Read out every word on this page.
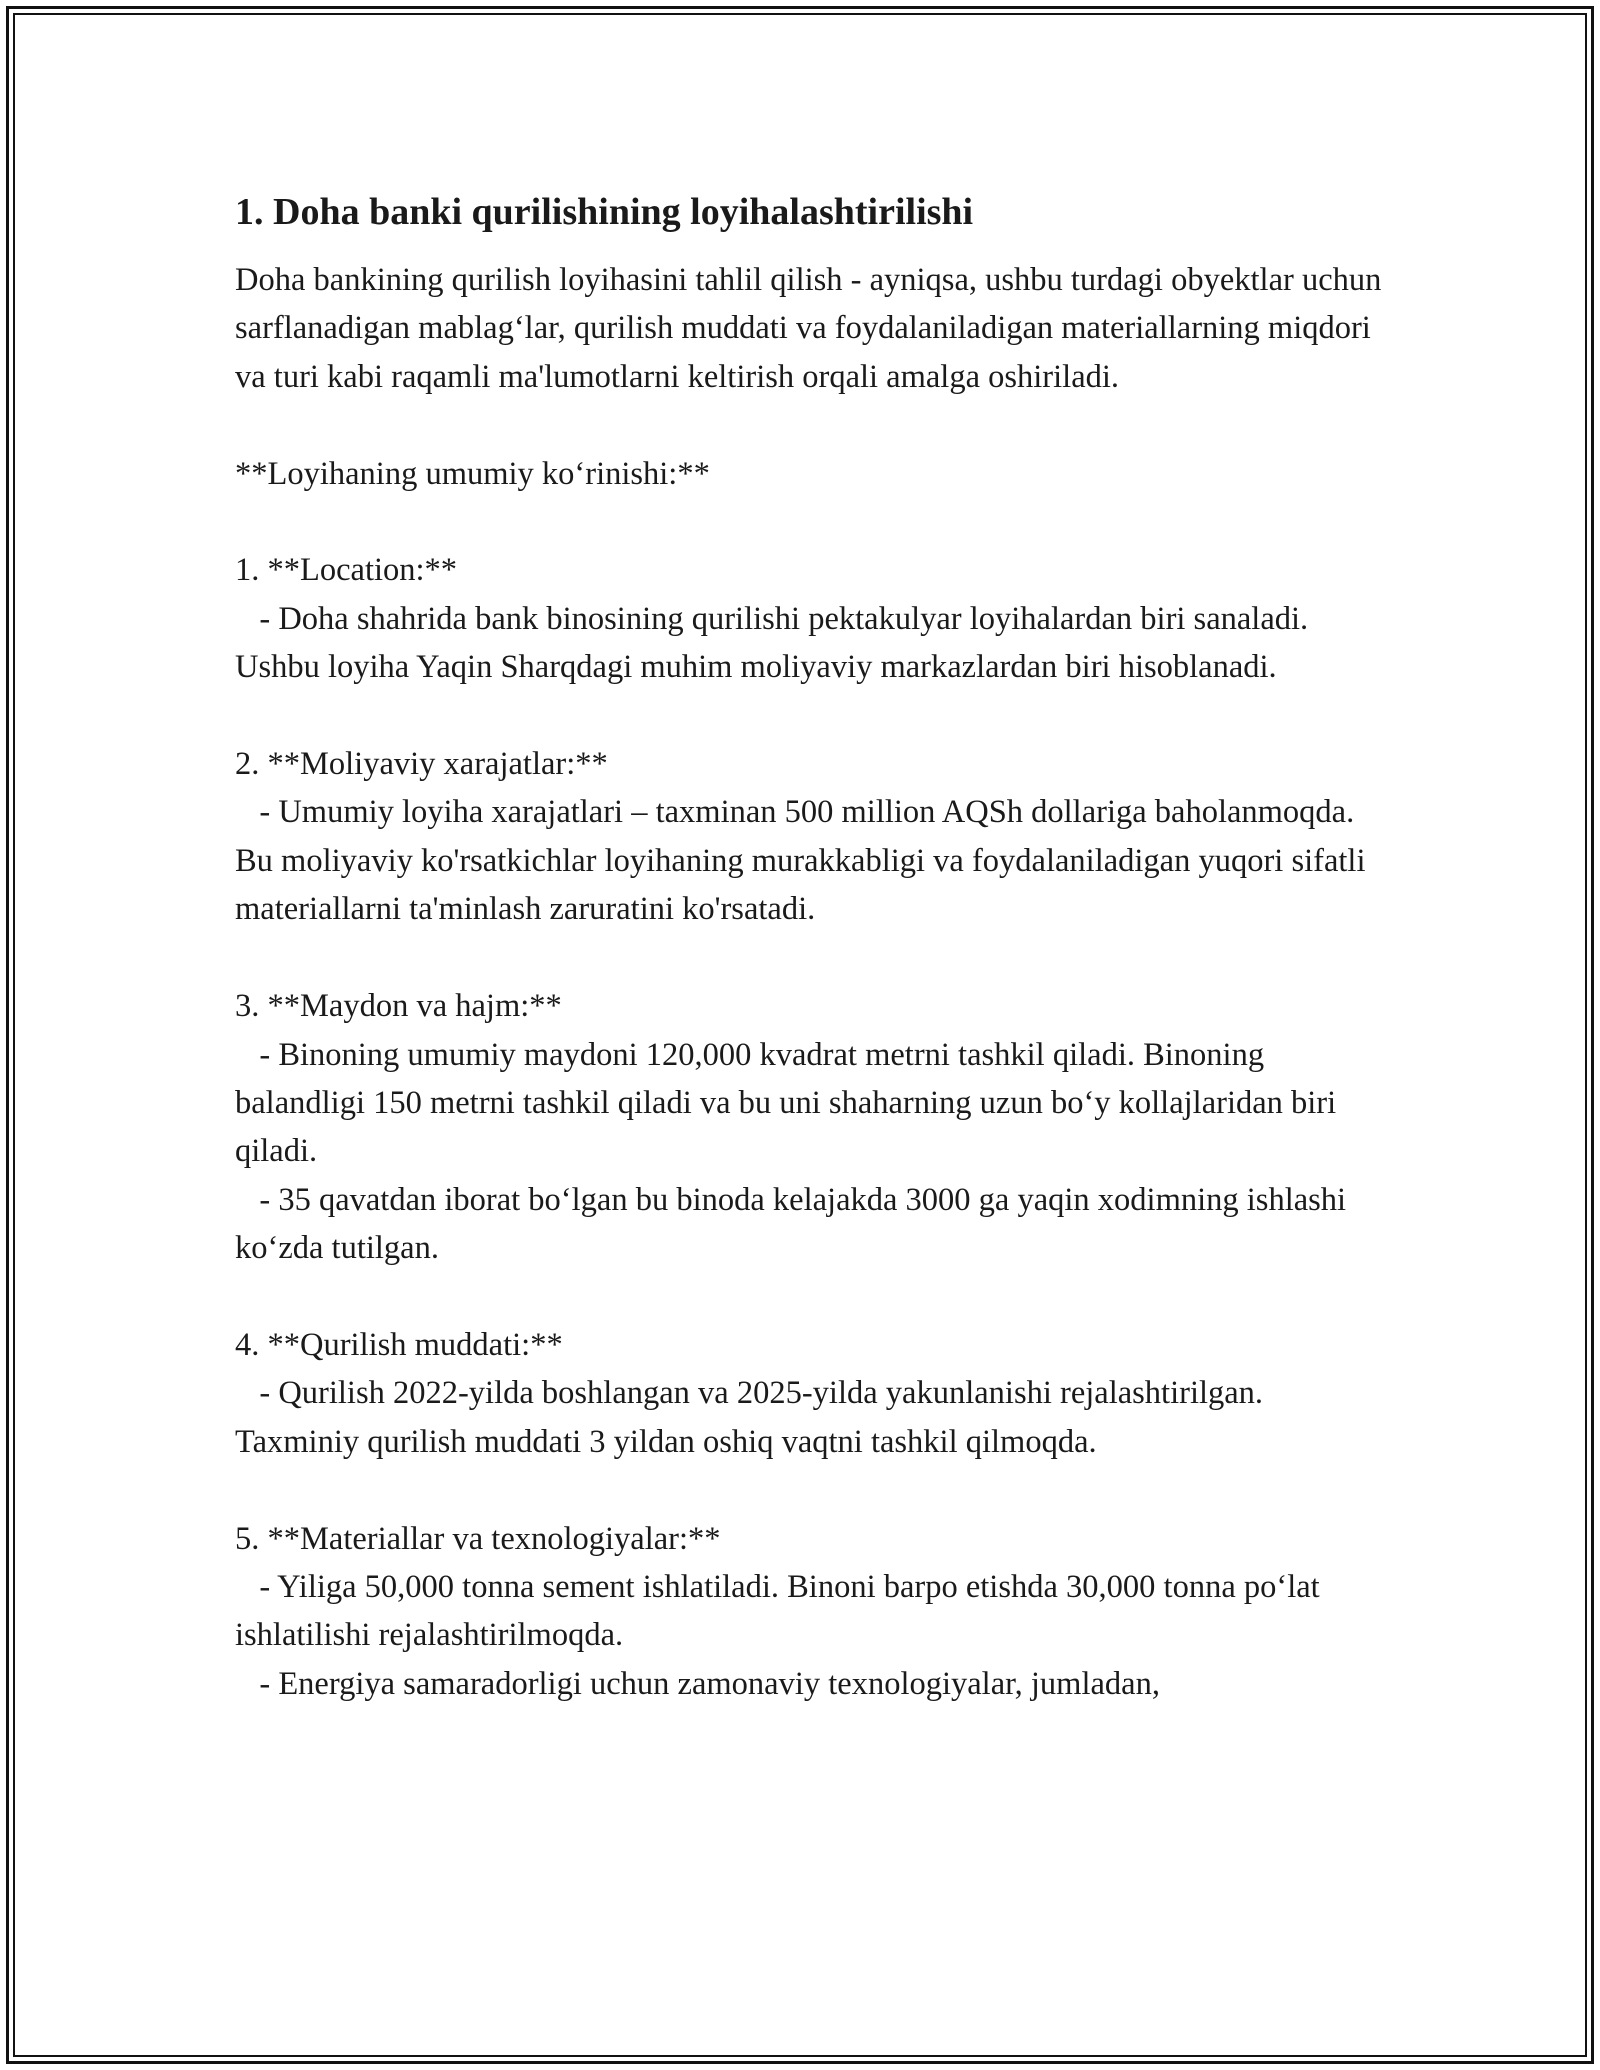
1. Doha banki qurilishining loyihalashtirilishi

Doha bankining qurilish loyihasini tahlil qilish - ayniqsa, ushbu turdagi obyektlar uchun sarflanadigan mablag‘lar, qurilish muddati va foydalaniladigan materiallarning miqdori va turi kabi raqamli ma'lumotlarni keltirish orqali amalga oshiriladi.

**Loyihaning umumiy ko‘rinishi:**

1. **Location:**
- Doha shahrida bank binosining qurilishi pektakulyar loyihalardan biri sanaladi. Ushbu loyiha Yaqin Sharqdagi muhim moliyaviy markazlardan biri hisoblanadi.

2. **Moliyaviy xarajatlar:**
- Umumiy loyiha xarajatlari – taxminan 500 million AQSh dollariga baholanmoqda. Bu moliyaviy ko'rsatkichlar loyihaning murakkabligi va foydalaniladigan yuqori sifatli materiallarni ta'minlash zaruratini ko'rsatadi.

3. **Maydon va hajm:**
- Binoning umumiy maydoni 120,000 kvadrat metrni tashkil qiladi. Binoning balandligi 150 metrni tashkil qiladi va bu uni shaharning uzun bo‘y kollajlaridan biri qiladi.
- 35 qavatdan iborat bo‘lgan bu binoda kelajakda 3000 ga yaqin xodimning ishlashi ko‘zda tutilgan.

4. **Qurilish muddati:**
- Qurilish 2022-yilda boshlangan va 2025-yilda yakunlanishi rejalashtirilgan. Taxminiy qurilish muddati 3 yildan oshiq vaqtni tashkil qilmoqda.

5. **Materiallar va texnologiyalar:**
- Yiliga 50,000 tonna sement ishlatiladi. Binoni barpo etishda 30,000 tonna po‘lat ishlatilishi rejalashtirilmoqda.
- Energiya samaradorligi uchun zamonaviy texnologiyalar, jumladan,
